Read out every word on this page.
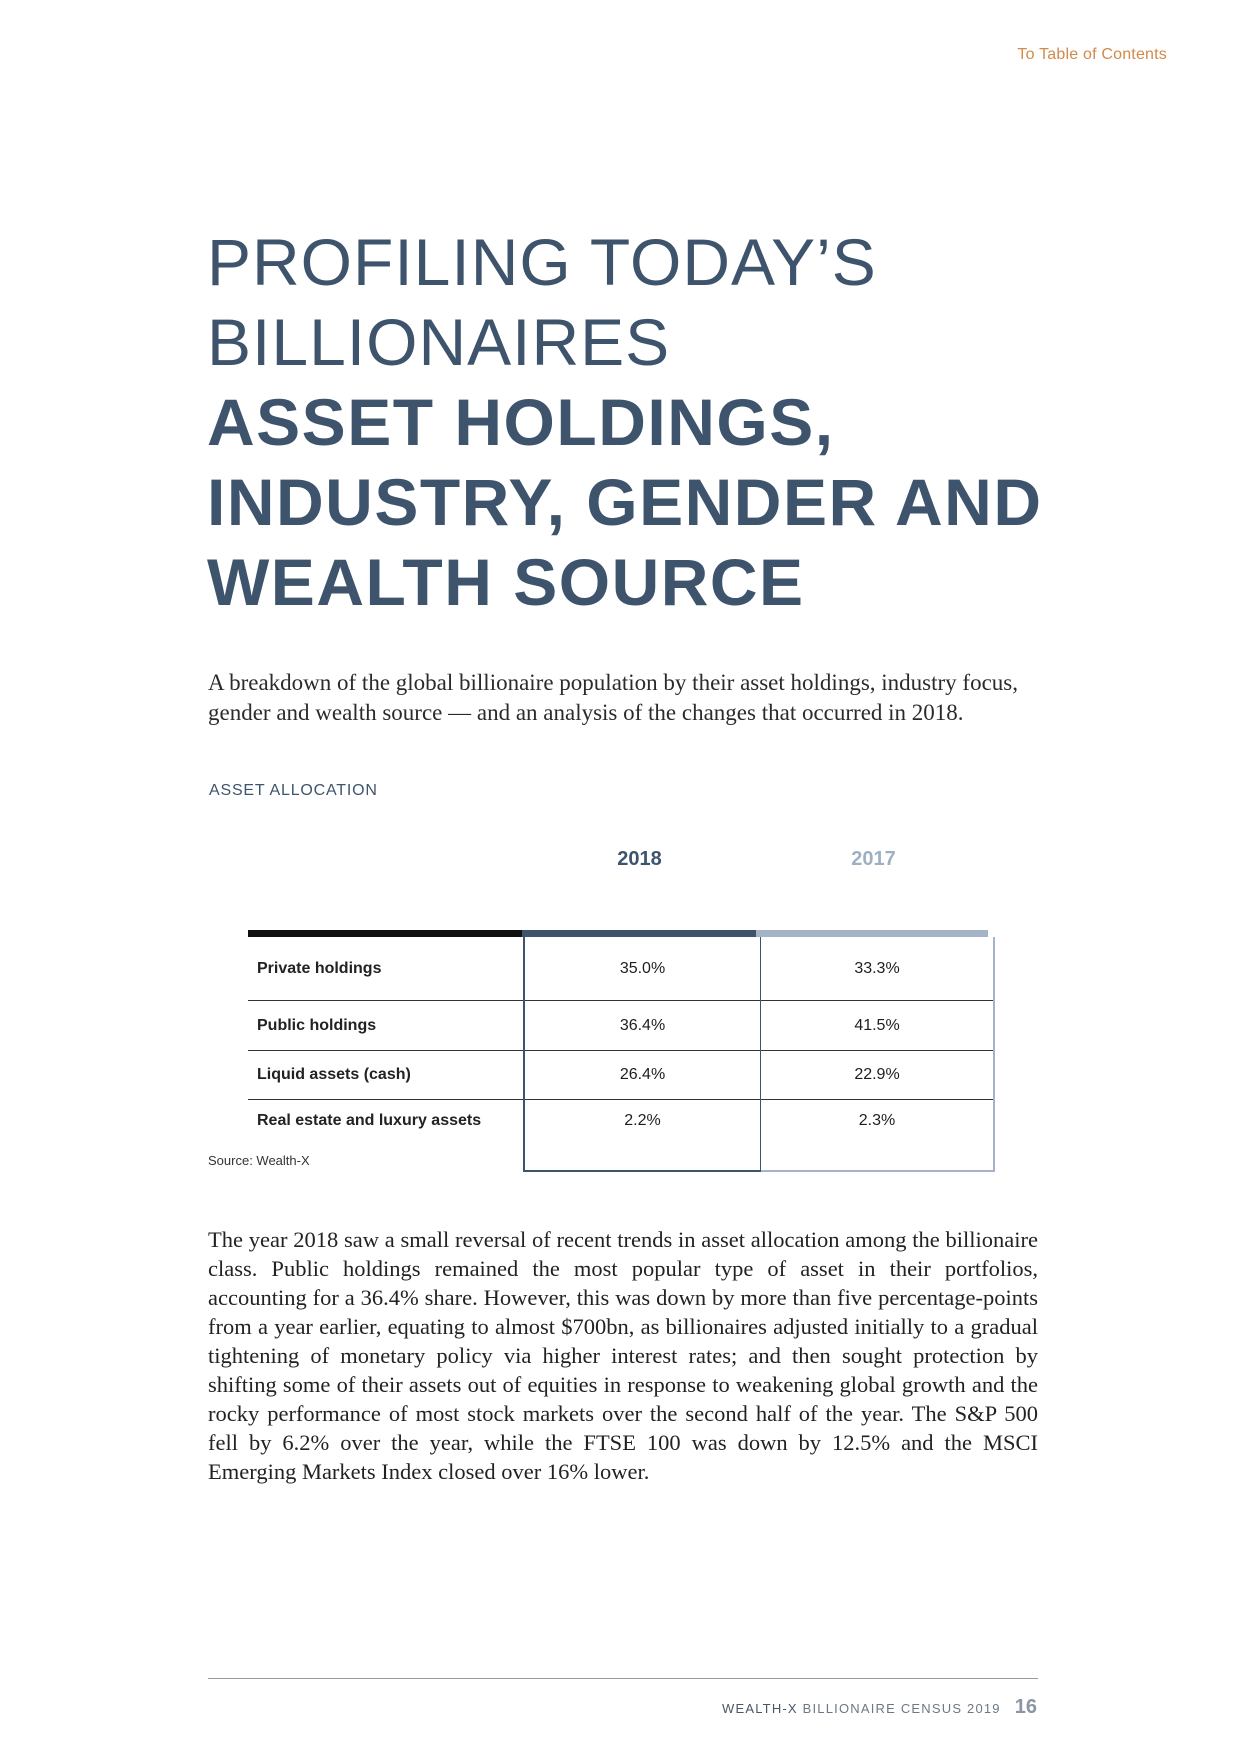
To Table of Contents
PROFILING TODAY’S
BILLIONAIRES
ASSET HOLDINGS,
INDUSTRY, GENDER AND
WEALTH SOURCE

A breakdown of the global billionaire population by their asset holdings, industry focus, gender and wealth source — and an analysis of the changes that occurred in 2018.

ASSET ALLOCATION
2018	2017
Private holdings	35.0%	33.3%
Public holdings	36.4%	41.5%
Liquid assets (cash)	26.4%	22.9%
Real estate and luxury assets	2.2%	2.3%
Source: Wealth-X

The year 2018 saw a small reversal of recent trends in asset allocation among the billionaire class. Public holdings remained the most popular type of asset in their portfolios, accounting for a 36.4% share. However, this was down by more than five percentage-points from a year earlier, equating to almost $700bn, as billionaires adjusted initially to a gradual tightening of monetary policy via higher interest rates; and then sought protection by shifting some of their assets out of equities in response to weakening global growth and the rocky performance of most stock markets over the second half of the year. The S&P 500 fell by 6.2% over the year, while the FTSE 100 was down by 12.5% and the MSCI Emerging Markets Index closed over 16% lower.

WEALTH-X BILLIONAIRE CENSUS 2019 16
